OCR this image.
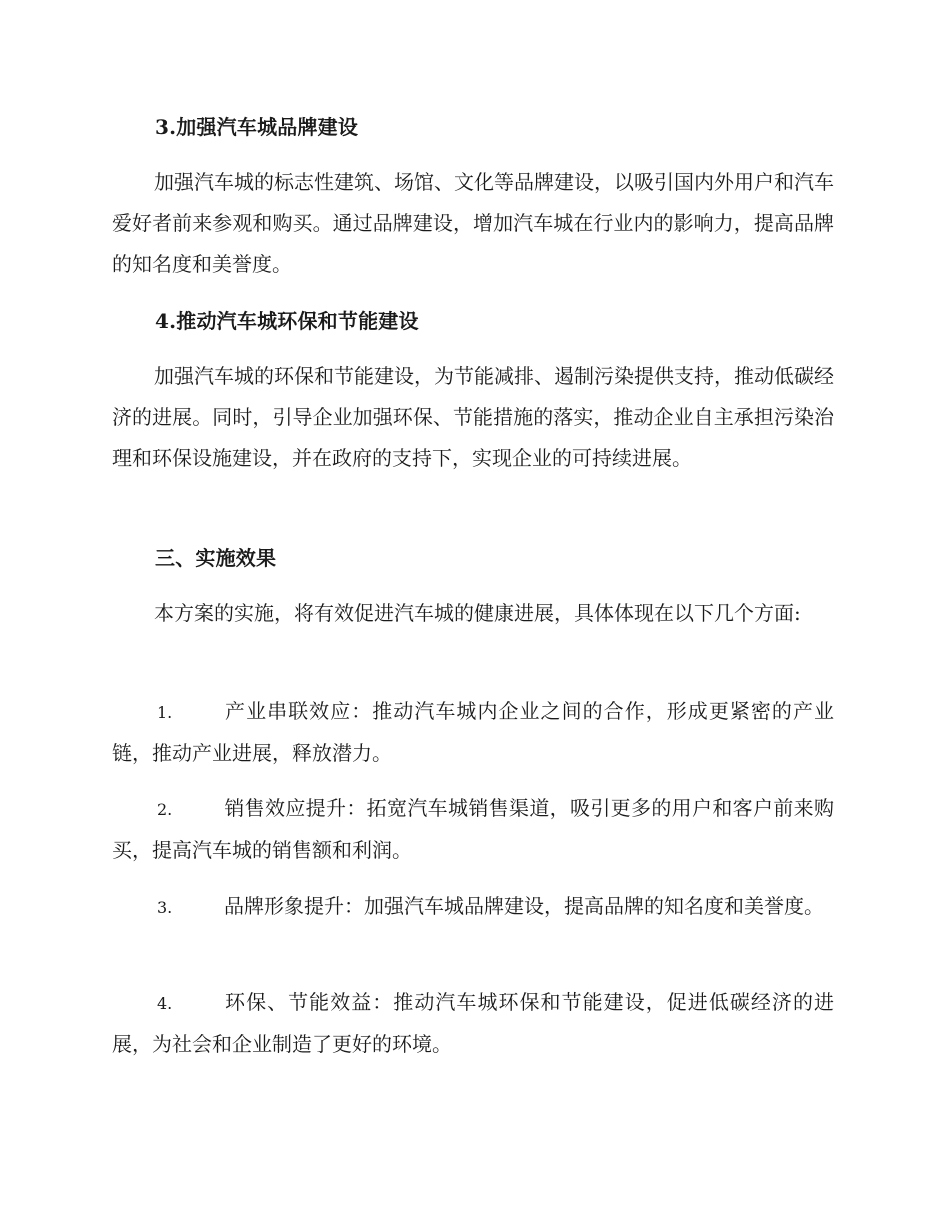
3.加强汽车城品牌建设
加强汽车城的标志性建筑、场馆、文化等品牌建设，以吸引国内外用户和汽车爱好者前来参观和购买。通过品牌建设，增加汽车城在行业内的影响力，提高品牌的知名度和美誉度。
4.推动汽车城环保和节能建设
加强汽车城的环保和节能建设，为节能减排、遏制污染提供支持，推动低碳经济的进展。同时，引导企业加强环保、节能措施的落实，推动企业自主承担污染治理和环保设施建设，并在政府的支持下，实现企业的可持续进展。
三、实施效果
本方案的实施，将有效促进汽车城的健康进展，具体体现在以下几个方面:
1.	产业串联效应：推动汽车城内企业之间的合作，形成更紧密的产业链，推动产业进展，释放潜力。
2.	销售效应提升：拓宽汽车城销售渠道，吸引更多的用户和客户前来购买，提高汽车城的销售额和利润。
3.	品牌形象提升：加强汽车城品牌建设，提高品牌的知名度和美誉度。
4.	环保、节能效益：推动汽车城环保和节能建设，促进低碳经济的进展，为社会和企业制造了更好的环境。
